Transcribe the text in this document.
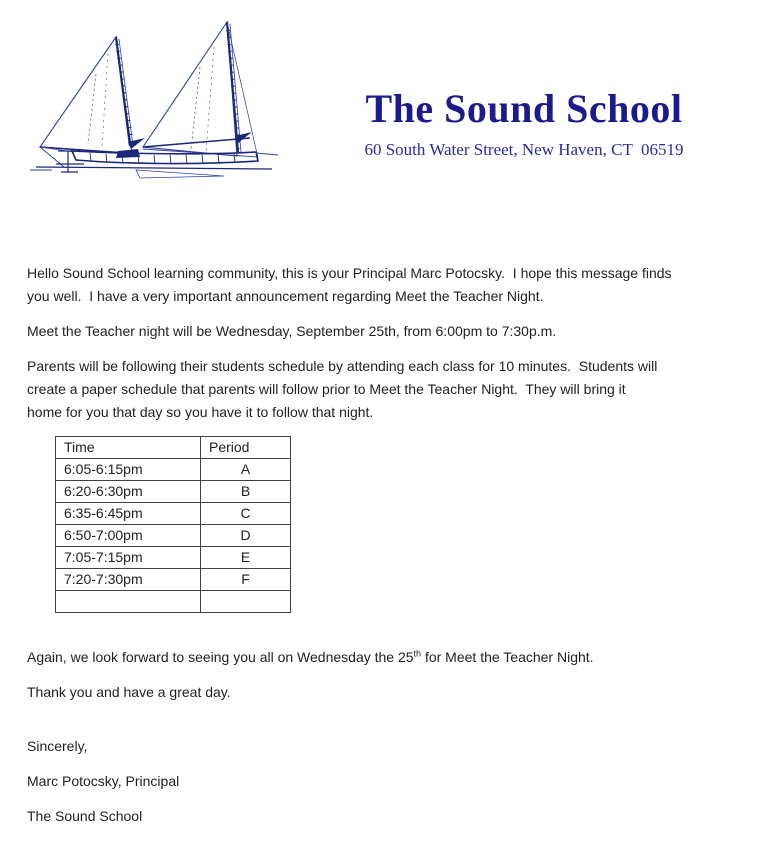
The Sound School
60 South Water Street, New Haven, CT  06519

Hello Sound School learning community, this is your Principal Marc Potocsky.  I hope this message finds
you well.  I have a very important announcement regarding Meet the Teacher Night.

Meet the Teacher night will be Wednesday, September 25th, from 6:00pm to 7:30p.m.

Parents will be following their students schedule by attending each class for 10 minutes.  Students will
create a paper schedule that parents will follow prior to Meet the Teacher Night.  They will bring it
home for you that day so you have it to follow that night.

Time	Period
6:05-6:15pm	A
6:20-6:30pm	B
6:35-6:45pm	C
6:50-7:00pm	D
7:05-7:15pm	E
7:20-7:30pm	F

Again, we look forward to seeing you all on Wednesday the 25th for Meet the Teacher Night.

Thank you and have a great day.

Sincerely,

Marc Potocsky, Principal

The Sound School
